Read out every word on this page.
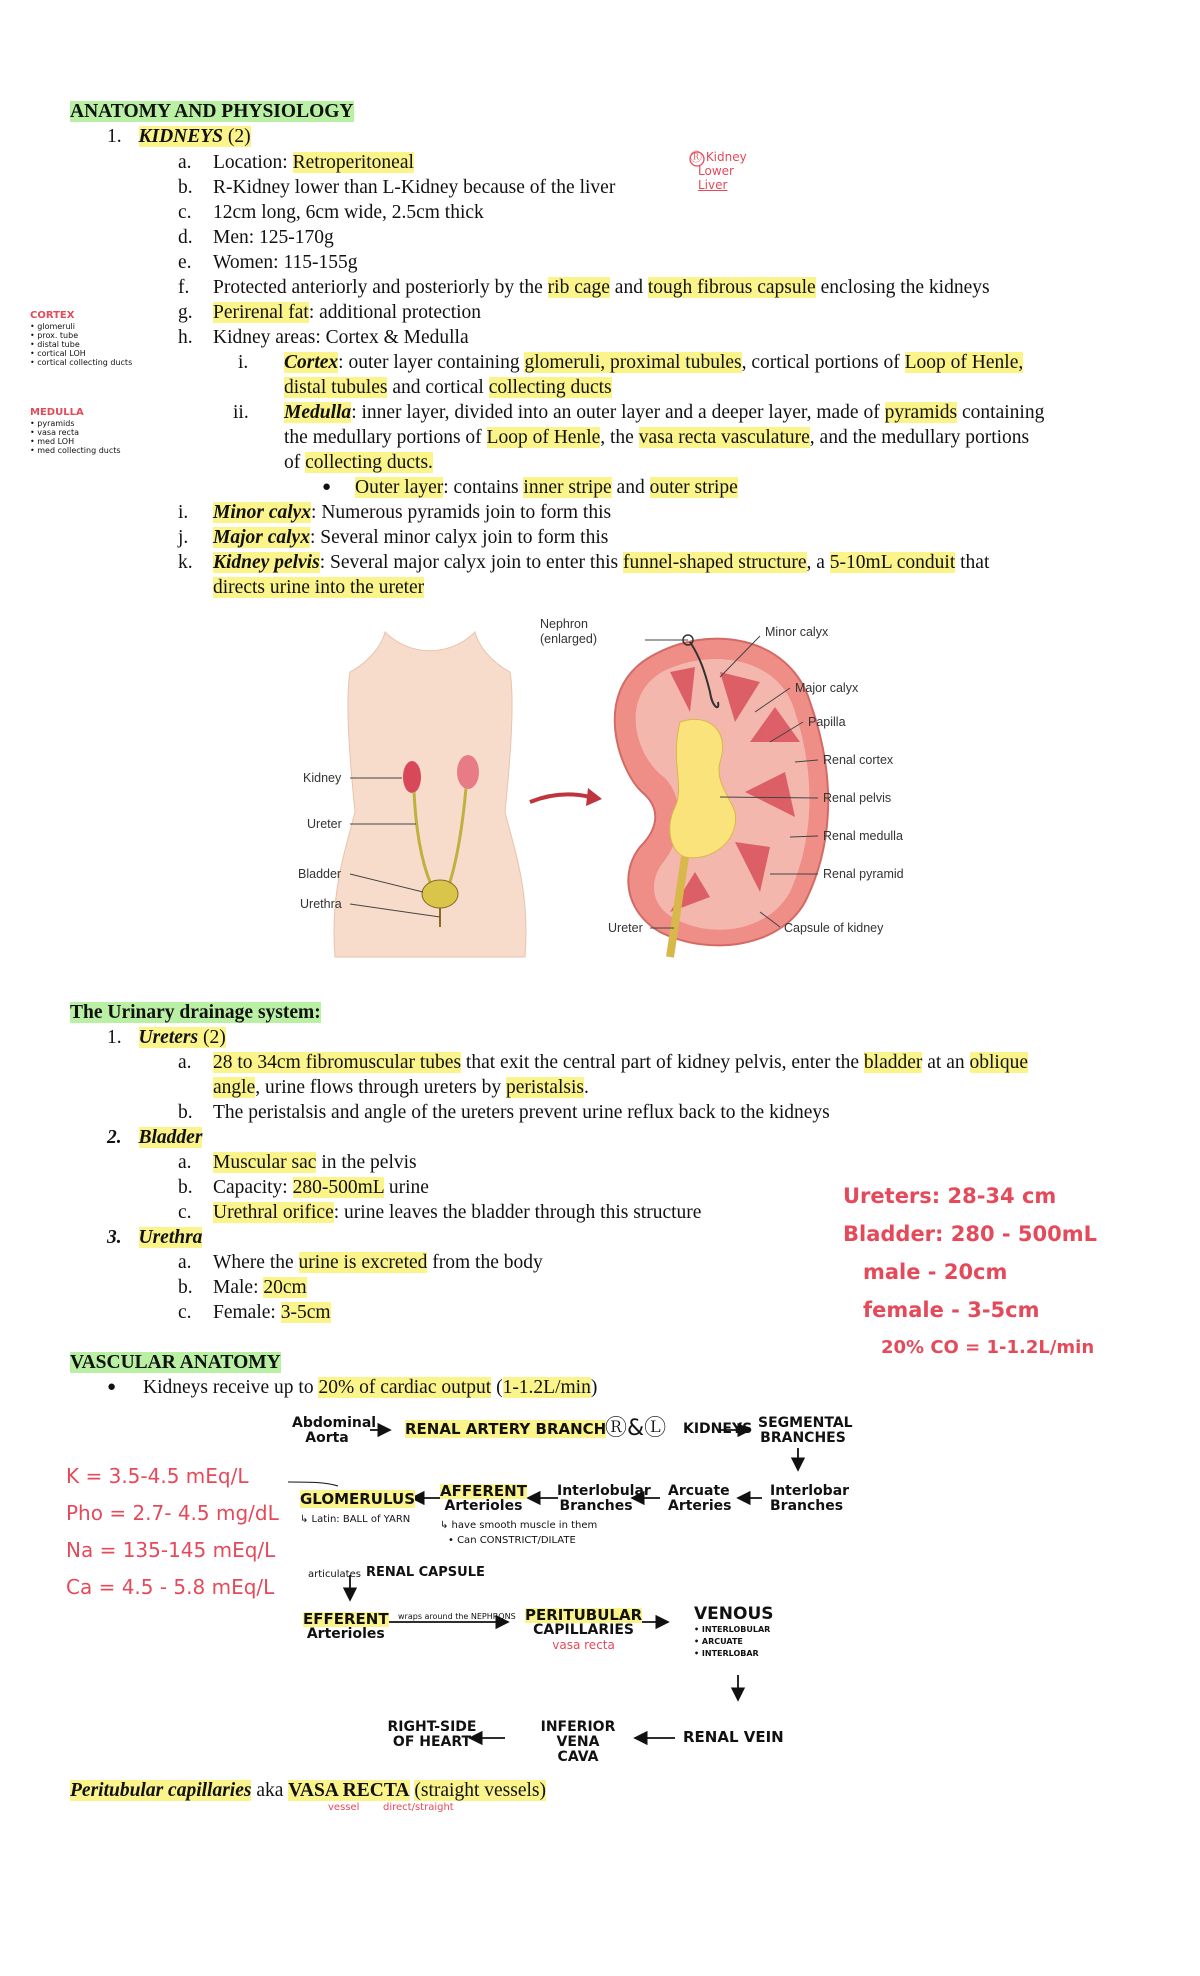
ANATOMY AND PHYSIOLOGY
1. KIDNEYS (2)
a. Location: Retroperitoneal
b. R-Kidney lower than L-Kidney because of the liver
c. 12cm long, 6cm wide, 2.5cm thick
d. Men: 125-170g
e. Women: 115-155g
f. Protected anteriorly and posteriorly by the rib cage and tough fibrous capsule enclosing the kidneys
g. Perirenal fat: additional protection
h. Kidney areas: Cortex & Medulla
i. Cortex: outer layer containing glomeruli, proximal tubules, cortical portions of Loop of Henle,
distal tubules and cortical collecting ducts
ii. Medulla: inner layer, divided into an outer layer and a deeper layer, made of pyramids containing
the medullary portions of Loop of Henle, the vasa recta vasculature, and the medullary portions
of collecting ducts.
● Outer layer: contains inner stripe and outer stripe
i. Minor calyx: Numerous pyramids join to form this
j. Major calyx: Several minor calyx join to form this
k. Kidney pelvis: Several major calyx join to enter this funnel-shaped structure, a 5-10mL conduit that
directs urine into the ureter
Ⓡ Kidney
Lower
Liver
CORTEX
• glomeruli
• prox. tube
• distal tube
• cortical LOH
• cortical collecting ducts
MEDULLA
• pyramids
• vasa recta
• med LOH
• med collecting ducts
Nephron
(enlarged)	Minor calyx
Major calyx
Papilla
Renal cortex
Renal pelvis
Renal medulla
Renal pyramid
Capsule of kidney
Ureter
Kidney
Ureter
Bladder
Urethra
The Urinary drainage system:
1. Ureters (2)
a. 28 to 34cm fibromuscular tubes that exit the central part of kidney pelvis, enter the bladder at an oblique
angle, urine flows through ureters by peristalsis.
b. The peristalsis and angle of the ureters prevent urine reflux back to the kidneys
2. Bladder
a. Muscular sac in the pelvis
b. Capacity: 280-500mL urine
c. Urethral orifice: urine leaves the bladder through this structure
3. Urethra
a. Where the urine is excreted from the body
b. Male: 20cm
c. Female: 3-5cm
Ureters: 28-34 cm
Bladder: 280 - 500mL
male - 20cm
female - 3-5cm
20% CO = 1-1.2L/min
VASCULAR ANATOMY
● Kidneys receive up to 20% of cardiac output (1-1.2L/min)
K = 3.5-4.5 mEq/L
Pho = 2.7- 4.5 mg/dL
Na = 135-145 mEq/L
Ca = 4.5 - 5.8 mEq/L
Abdominal Aorta	RENAL ARTERY BRANCH
Ⓡ&Ⓛ KIDNEYS SEGMENTAL BRANCHES
Interlobar Branches
Arcuate Arteries
Interlobular Branches
AFFERENT
Arterioles
↳ have smooth muscle in them
• Can CONSTRICT/DILATE
GLOMERULUS
↳ Latin: BALL of YARN
articulates RENAL CAPSULE
EFFERENT
Arterioles
wraps around the NEPHRONS PERITUBULAR
CAPILLARIES
vasa recta
VENOUS
• INTERLOBULAR
• ARCUATE
• INTERLOBAR
RENAL VEIN
INFERIOR VENA CAVA
RIGHT-SIDE OF HEART
Peritubular capillaries aka VASA RECTA (straight vessels)
vessel direct/straight
